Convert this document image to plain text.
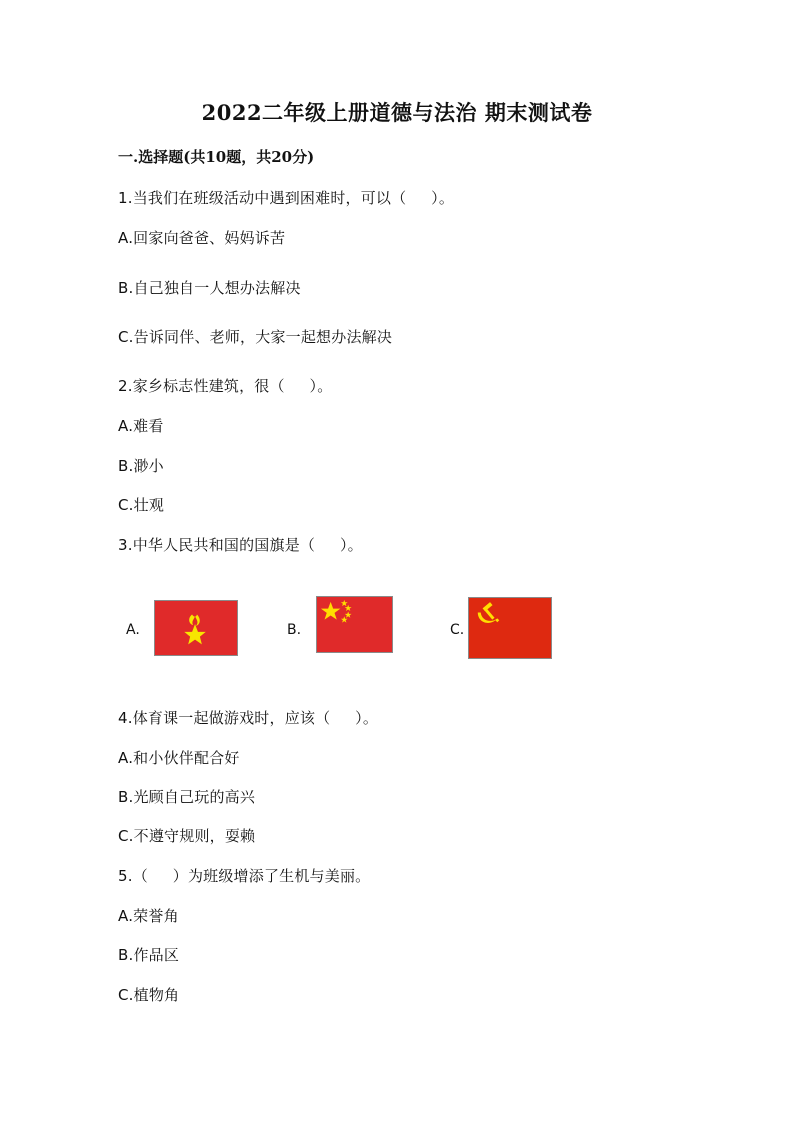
2022二年级上册道德与法治 期末测试卷
一.选择题(共10题，共20分)
1.当我们在班级活动中遇到困难时，可以（     ）。
A.回家向爸爸、妈妈诉苦
B.自己独自一人想办法解决
C.告诉同伴、老师，大家一起想办法解决
2.家乡标志性建筑，很（     ）。
A.难看
B.渺小
C.壮观
3.中华人民共和国的国旗是（     ）。
A.	B.	C.
4.体育课一起做游戏时，应该（     ）。
A.和小伙伴配合好
B.光顾自己玩的高兴
C.不遵守规则，耍赖
5.（     ）为班级增添了生机与美丽。
A.荣誉角
B.作品区
C.植物角
